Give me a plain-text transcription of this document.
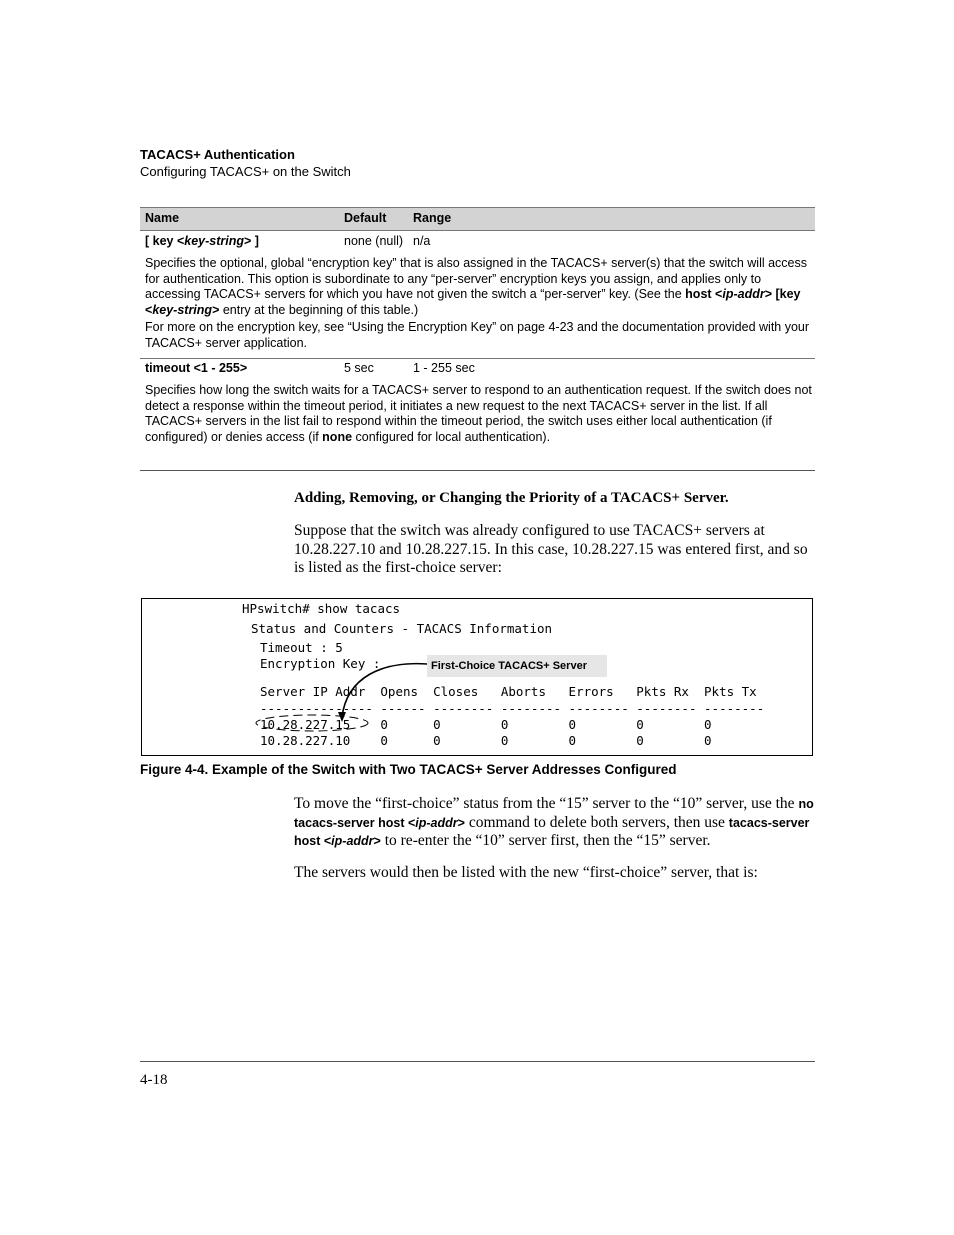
TACACS+ Authentication
Configuring TACACS+ on the Switch
Name	Default Range
[ key <key-string> ]	none (null) n/a
Specifies the optional, global “encryption key” that is also assigned in the TACACS+ server(s) that the switch will access for authentication. This option is subordinate to any “per-server” encryption keys you assign, and applies only to accessing TACACS+ servers for which you have not given the switch a “per-server” key. (See the host <ip-addr> [key <key-string> entry at the beginning of this table.)
For more on the encryption key, see “Using the Encryption Key” on page 4-23 and the documentation provided with your TACACS+ server application.
timeout <1 - 255>	5 sec	1 - 255 sec
Specifies how long the switch waits for a TACACS+ server to respond to an authentication request. If the switch does not detect a response within the timeout period, it initiates a new request to the next TACACS+ server in the list. If all TACACS+ servers in the list fail to respond within the timeout period, the switch uses either local authentication (if configured) or denies access (if none configured for local authentication).
Adding, Removing, or Changing the Priority of a TACACS+ Server.
Suppose that the switch was already configured to use TACACS+ servers at 10.28.227.10 and 10.28.227.15. In this case, 10.28.227.15 was entered first, and so is listed as the first-choice server:
HPswitch# show tacacs
Status and Counters - TACACS Information
Timeout : 5
Encryption Key :	First-Choice TACACS+ Server
Server IP Addr  Opens  Closes   Aborts   Errors   Pkts Rx  Pkts Tx
--------------- ------ -------- -------- -------- -------- --------
10.28.227.15    0      0        0        0        0        0
10.28.227.10    0      0        0        0        0        0
Figure 4-4. Example of the Switch with Two TACACS+ Server Addresses Configured
To move the “first-choice” status from the “15” server to the “10” server, use the no tacacs-server host <ip-addr> command to delete both servers, then use tacacs-server host <ip-addr> to re-enter the “10” server first, then the “15” server.
The servers would then be listed with the new “first-choice” server, that is:
4-18
